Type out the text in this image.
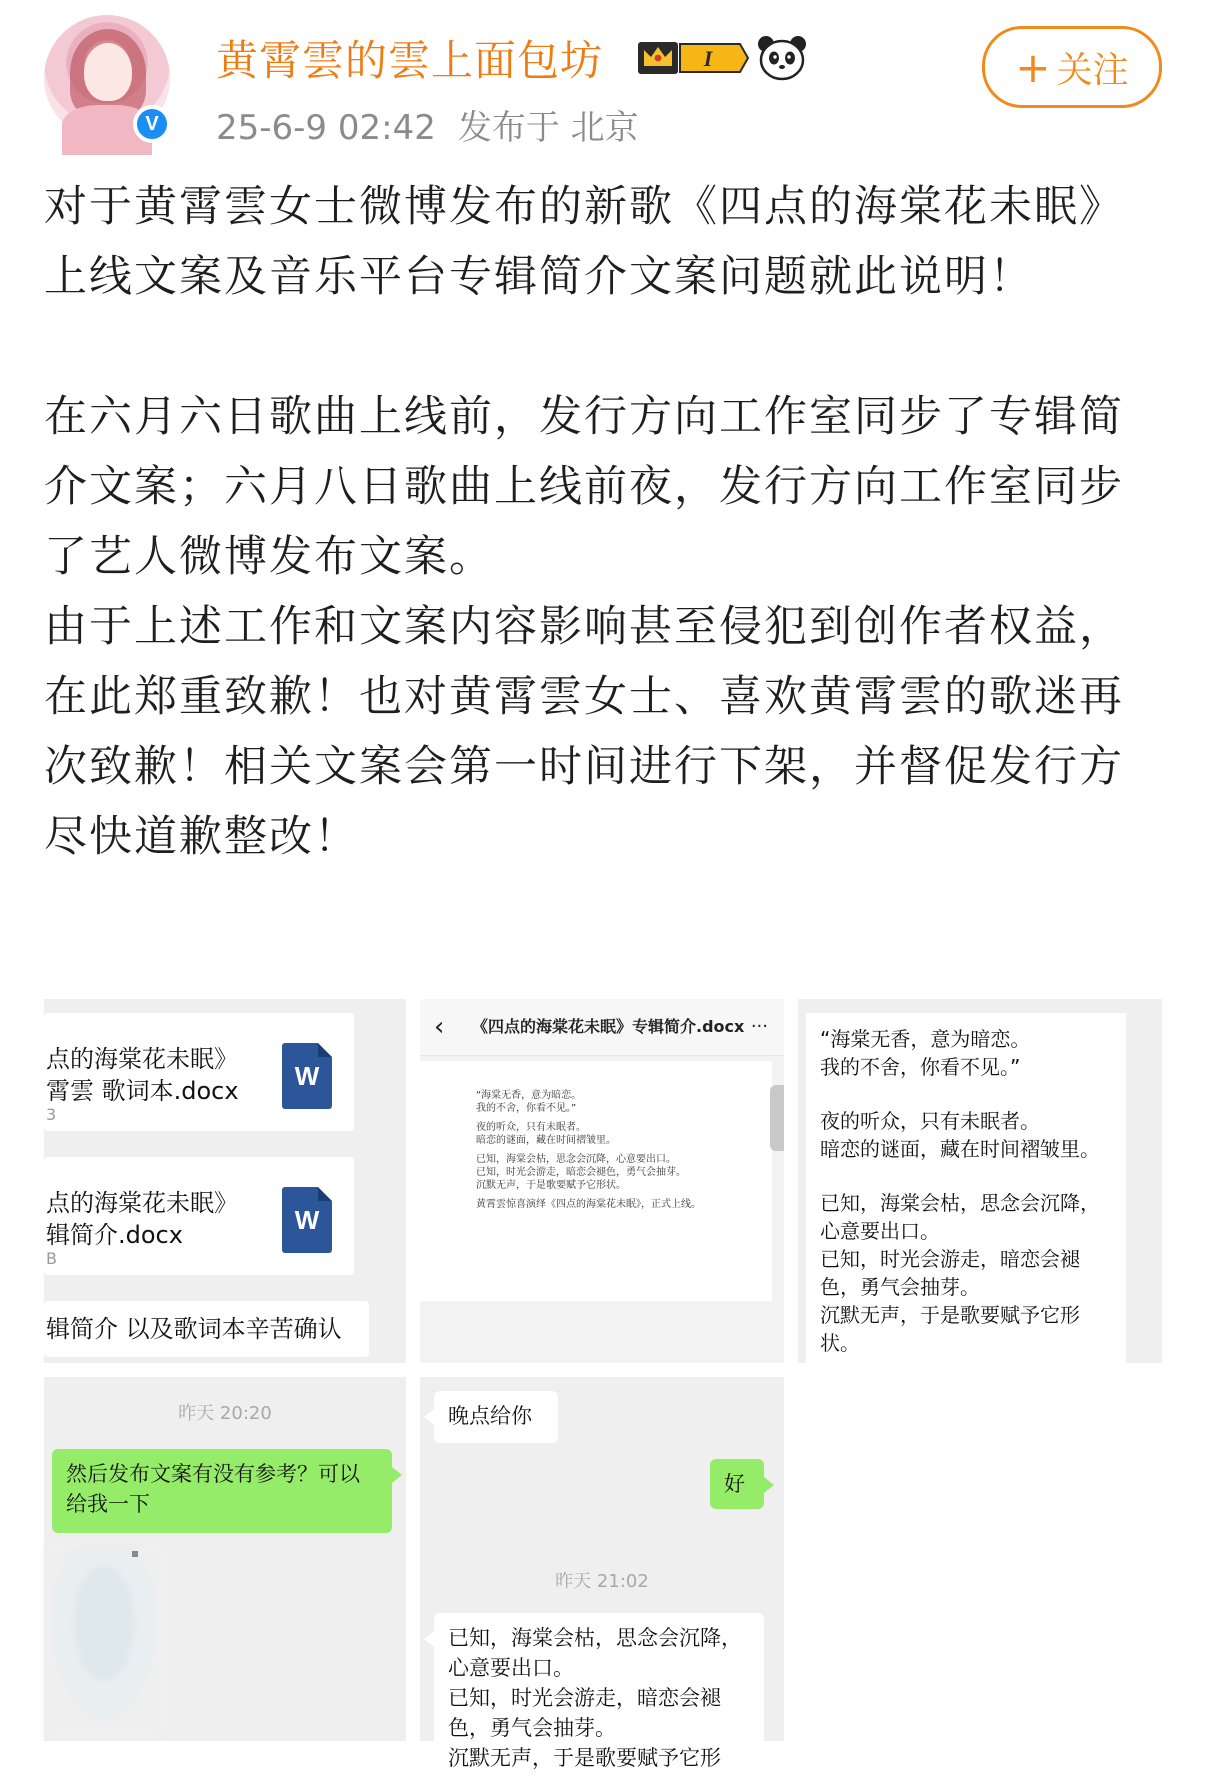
V
黄霄雲的雲上面包坊	I
25-6-9 02:42 发布于 北京
+ 关注

对于黄霄雲女士微博发布的新歌《四点的海棠花未眠》上线文案及音乐平台专辑简介文案问题就此说明！

在六月六日歌曲上线前，发行方向工作室同步了专辑简介文案；六月八日歌曲上线前夜，发行方向工作室同步了艺人微博发布文案。

由于上述工作和文案内容影响甚至侵犯到创作者权益，在此郑重致歉！也对黄霄雲女士、喜欢黄霄雲的歌迷再次致歉！相关文案会第一时间进行下架，并督促发行方尽快道歉整改！

点的海棠花未眠》
霄雲 歌词本.docx
3
W
点的海棠花未眠》
辑简介.docx
B
W
辑简介 以及歌词本辛苦确认
‹ 《四点的海棠花未眠》专辑简介.docx ···
“海棠无香，意为暗恋。
我的不舍，你看不见。”
夜的听众，只有未眠者。
暗恋的谜面，藏在时间褶皱里。
已知，海棠会枯，思念会沉降，心意要出口。
已知，时光会游走，暗恋会褪色，勇气会抽芽。
沉默无声，于是歌要赋予它形状。
黄霄雲惊喜演绎《四点的海棠花未眠》，正式上线。
“海棠无香，意为暗恋。
我的不舍，你看不见。”
夜的听众，只有未眠者。
暗恋的谜面，藏在时间褶皱里。
已知，海棠会枯，思念会沉降，
心意要出口。
已知，时光会游走，暗恋会褪
色，勇气会抽芽。
沉默无声，于是歌要赋予它形
状。
昨天 20:20
然后发布文案有没有参考？可以给我一下
晚点给你
好
昨天 21:02
已知，海棠会枯，思念会沉降，
心意要出口。
已知，时光会游走，暗恋会褪
色，勇气会抽芽。
沉默无声，于是歌要赋予它形
